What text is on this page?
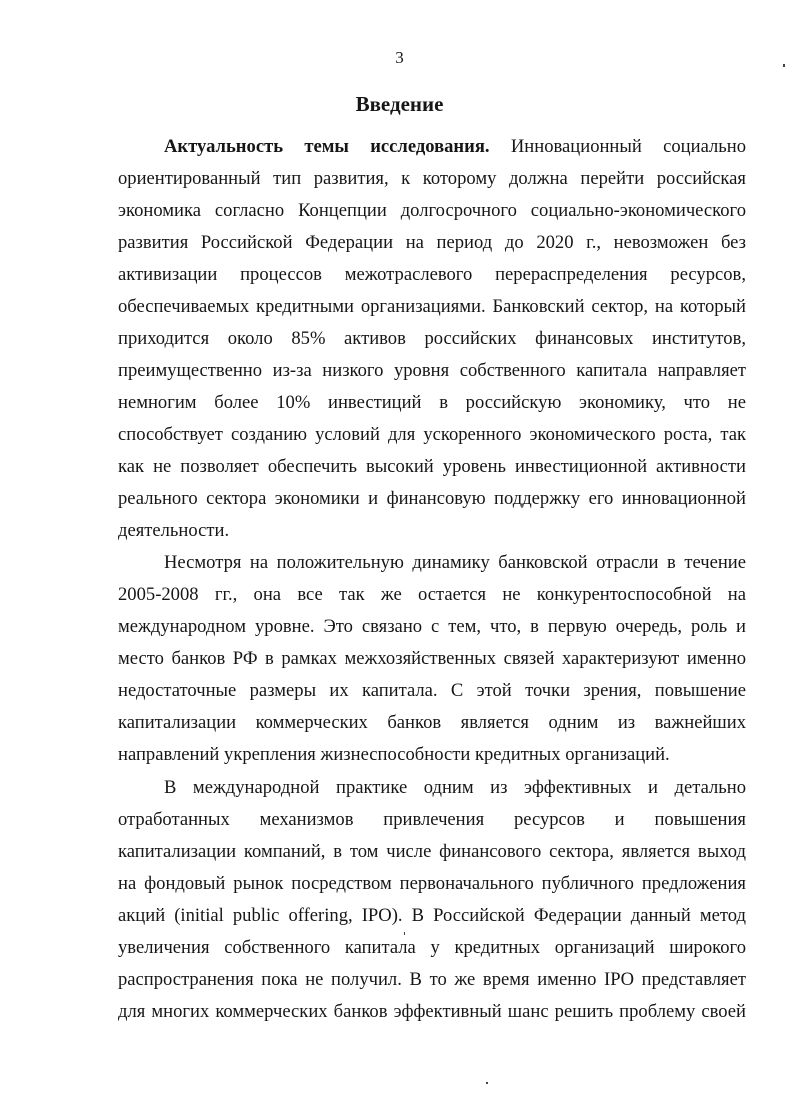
3
Введение
Актуальность темы исследования. Инновационный социально
ориентированный тип развития, к которому должна перейти российская
экономика согласно Концепции долгосрочного социально-экономического
развития Российской Федерации на период до 2020 г., невозможен без
активизации процессов межотраслевого перераспределения ресурсов,
обеспечиваемых кредитными организациями. Банковский сектор, на который
приходится около 85% активов российских финансовых институтов,
преимущественно из-за низкого уровня собственного капитала направляет
немногим более 10% инвестиций в российскую экономику, что не
способствует созданию условий для ускоренного экономического роста, так
как не позволяет обеспечить высокий уровень инвестиционной активности
реального сектора экономики и финансовую поддержку его инновационной
деятельности.
Несмотря на положительную динамику банковской отрасли в течение
2005-2008 гг., она все так же остается не конкурентоспособной на
международном уровне. Это связано с тем, что, в первую очередь, роль и
место банков РФ в рамках межхозяйственных связей характеризуют именно
недостаточные размеры их капитала. С этой точки зрения, повышение
капитализации коммерческих банков является одним из важнейших
направлений укрепления жизнеспособности кредитных организаций.
В международной практике одним из эффективных и детально
отработанных механизмов привлечения ресурсов и повышения
капитализации компаний, в том числе финансового сектора, является выход
на фондовый рынок посредством первоначального публичного предложения
акций (initial public offering, IPO). В Российской Федерации данный метод
увеличения собственного капитала у кредитных организаций широкого
распространения пока не получил. В то же время именно IPO представляет
для многих коммерческих банков эффективный шанс решить проблему своей
